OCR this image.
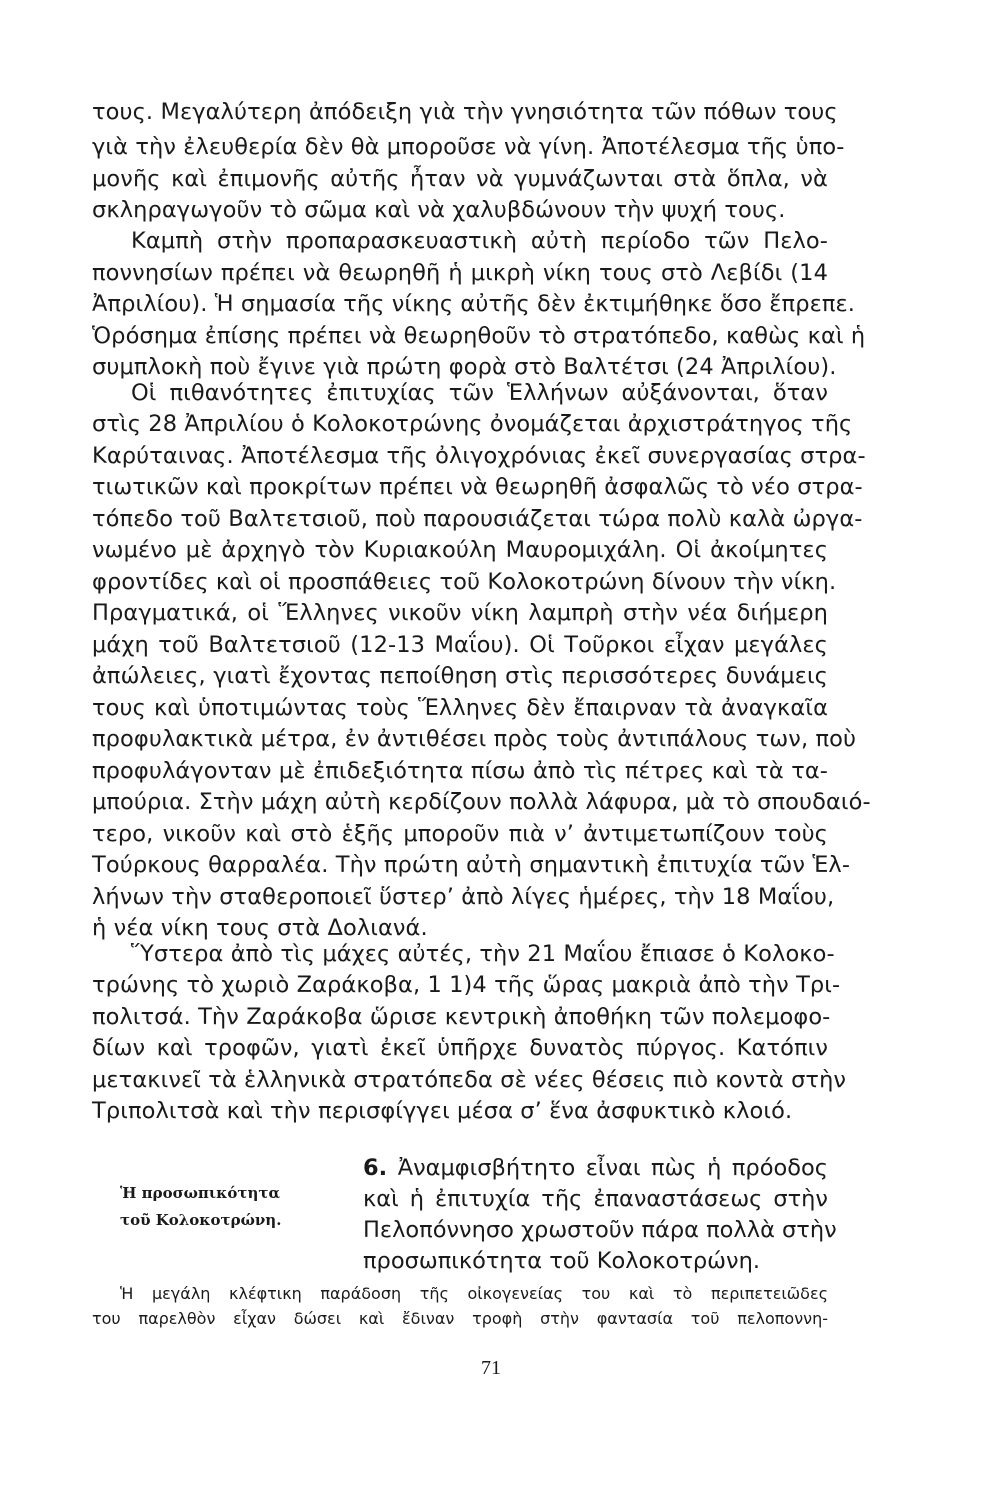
τους. Μεγαλύτερη ἀπόδειξη γιὰ τὴν γνησιότητα τῶν πόθων τους
γιὰ τὴν ἐλευθερία δὲν θὰ μποροῦσε νὰ γίνη. Ἀποτέλεσμα τῆς ὑπο-
μονῆς καὶ ἐπιμονῆς αὐτῆς ἦταν νὰ γυμνάζωνται στὰ ὅπλα, νὰ
σκληραγωγοῦν τὸ σῶμα καὶ νὰ χαλυβδώνουν τὴν ψυχή τους.
Καμπὴ στὴν προπαρασκευαστικὴ αὐτὴ περίοδο τῶν Πελο-
ποννησίων πρέπει νὰ θεωρηθῆ ἡ μικρὴ νίκη τους στὸ Λεβίδι (14
Ἀπριλίου). Ἡ σημασία τῆς νίκης αὐτῆς δὲν ἐκτιμήθηκε ὅσο ἔπρεπε.
Ὁρόσημα ἐπίσης πρέπει νὰ θεωρηθοῦν τὸ στρατόπεδο, καθὼς καὶ ἡ
συμπλοκὴ ποὺ ἔγινε γιὰ πρώτη φορὰ στὸ Βαλτέτσι (24 Ἀπριλίου).
Οἱ πιθανότητες ἐπιτυχίας τῶν Ἑλλήνων αὐξάνονται, ὅταν
στὶς 28 Ἀπριλίου ὁ Κολοκοτρώνης ὀνομάζεται ἀρχιστράτηγος τῆς
Καρύταινας. Ἀποτέλεσμα τῆς ὀλιγοχρόνιας ἐκεῖ συνεργασίας στρα-
τιωτικῶν καὶ προκρίτων πρέπει νὰ θεωρηθῆ ἀσφαλῶς τὸ νέο στρα-
τόπεδο τοῦ Βαλτετσιοῦ, ποὺ παρουσιάζεται τώρα πολὺ καλὰ ὠργα-
νωμένο μὲ ἀρχηγὸ τὸν Κυριακούλη Μαυρομιχάλη. Οἱ ἀκοίμητες
φροντίδες καὶ οἱ προσπάθειες τοῦ Κολοκοτρώνη δίνουν τὴν νίκη.
Πραγματικά, οἱ Ἕλληνες νικοῦν νίκη λαμπρὴ στὴν νέα διήμερη
μάχη τοῦ Βαλτετσιοῦ (12-13 Μαΐου). Οἱ Τοῦρκοι εἶχαν μεγάλες
ἀπώλειες, γιατὶ ἔχοντας πεποίθηση στὶς περισσότερες δυνάμεις
τους καὶ ὑποτιμώντας τοὺς Ἕλληνες δὲν ἔπαιρναν τὰ ἀναγκαῖα
προφυλακτικὰ μέτρα, ἐν ἀντιθέσει πρὸς τοὺς ἀντιπάλους των, ποὺ
προφυλάγονταν μὲ ἐπιδεξιότητα πίσω ἀπὸ τὶς πέτρες καὶ τὰ τα-
μπούρια. Στὴν μάχη αὐτὴ κερδίζουν πολλὰ λάφυρα, μὰ τὸ σπουδαιό-
τερο, νικοῦν καὶ στὸ ἑξῆς μποροῦν πιὰ ν’ ἀντιμετωπίζουν τοὺς
Τούρκους θαρραλέα. Τὴν πρώτη αὐτὴ σημαντικὴ ἐπιτυχία τῶν Ἑλ-
λήνων τὴν σταθεροποιεῖ ὕστερ’ ἀπὸ λίγες ἡμέρες, τὴν 18 Μαΐου,
ἡ νέα νίκη τους στὰ Δολιανά.
Ὕστερα ἀπὸ τὶς μάχες αὐτές, τὴν 21 Μαΐου ἔπιασε ὁ Κολοκο-
τρώνης τὸ χωριὸ Ζαράκοβα, 1 1)4 τῆς ὥρας μακριὰ ἀπὸ τὴν Τρι-
πολιτσά. Τὴν Ζαράκοβα ὥρισε κεντρικὴ ἀποθήκη τῶν πολεμοφο-
δίων καὶ τροφῶν, γιατὶ ἐκεῖ ὑπῆρχε δυνατὸς πύργος. Κατόπιν
μετακινεῖ τὰ ἑλληνικὰ στρατόπεδα σὲ νέες θέσεις πιὸ κοντὰ στὴν
Τριπολιτσὰ καὶ τὴν περισφίγγει μέσα σ’ ἕνα ἀσφυκτικὸ κλοιό.
6. Ἀναμφισβήτητο εἶναι πὼς ἡ πρόοδος
καὶ ἡ ἐπιτυχία τῆς ἐπαναστάσεως στὴν
Πελοπόννησο χρωστοῦν πάρα πολλὰ στὴν
προσωπικότητα τοῦ Κολοκοτρώνη.
Ἡ προσωπικότητα
τοῦ Κολοκοτρώνη.
Ἡ μεγάλη κλέφτικη παράδοση τῆς οἰκογενείας του καὶ τὸ περιπετειῶδες
του παρελθὸν εἶχαν δώσει καὶ ἔδιναν τροφὴ στὴν φαντασία τοῦ πελοποννη-
71
